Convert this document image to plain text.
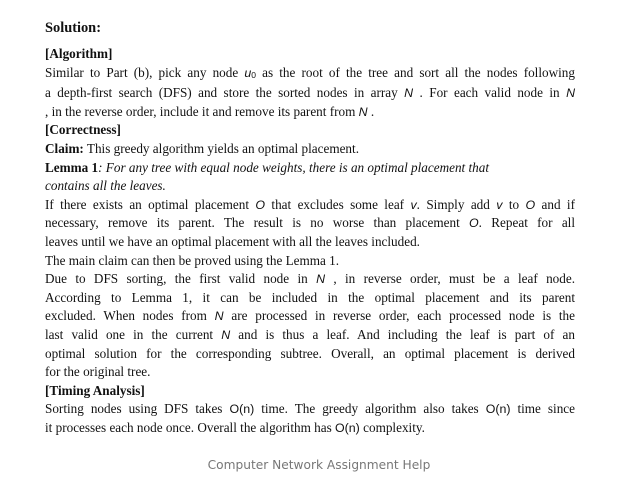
Solution:
[Algorithm]
Similar to Part (b), pick any node u0 as the root of the tree and sort all the nodes following
a depth-first search (DFS) and store the sorted nodes in array N . For each valid node in N
, in the reverse order, include it and remove its parent from N .
[Correctness]
Claim: This greedy algorithm yields an optimal placement.
Lemma 1: For any tree with equal node weights, there is an optimal placement that
contains all the leaves.
If there exists an optimal placement O that excludes some leaf v. Simply add v to O and if
necessary, remove its parent. The result is no worse than placement O. Repeat for all
leaves until we have an optimal placement with all the leaves included.
The main claim can then be proved using the Lemma 1.
Due to DFS sorting, the first valid node in N , in reverse order, must be a leaf node.
According to Lemma 1, it can be included in the optimal placement and its parent
excluded. When nodes from N are processed in reverse order, each processed node is the
last valid one in the current N and is thus a leaf. And including the leaf is part of an
optimal solution for the corresponding subtree. Overall, an optimal placement is derived
for the original tree.
[Timing Analysis]
Sorting nodes using DFS takes O(n) time. The greedy algorithm also takes O(n) time since
it processes each node once. Overall the algorithm has O(n) complexity.
Computer Network Assignment Help
